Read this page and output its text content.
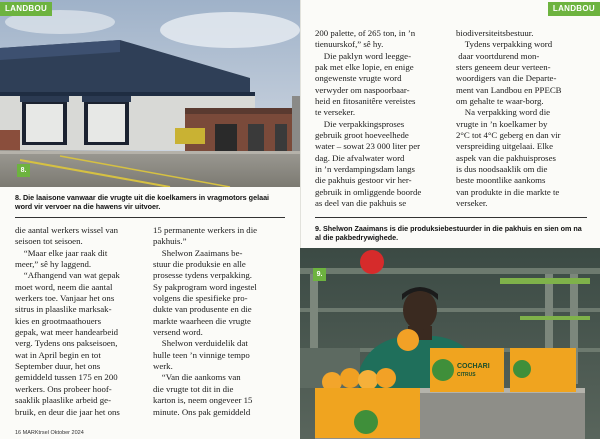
8.
LANDBOU
8. Die laaisone vanwaar die vrugte uit die koelkamers in vragmotors gelaai
word vir vervoer na die hawens vir uitvoer.
die aantal werkers wissel van
seisoen tot seisoen.
“Maar elke jaar raak dit
meer,” sê hy laggend.
“Afhangend van wat gepak
moet word, neem die aantal
werkers toe. Vanjaar het ons
sitrus in plaaslike marksak-
kies en grootmaathouers
gepak, wat meer handearbeid
verg. Tydens ons pakseisoen,
wat in April begin en tot
September duur, het ons
gemiddeld tussen 175 en 200
werkers. Ons probeer hoof-
saaklik plaaslike arbeid ge-
bruik, en deur die jaar het ons
15 permanente werkers in die
pakhuis.”
Shelwon Zaaimans be-
stuur die produksie en alle
prosesse tydens verpakking.
Sy pakprogram word ingestel
volgens die spesifieke pro-
dukte van produsente en die
markte waarheen die vrugte
versend word.
Shelwon verduidelik dat
hulle teen ’n vinnige tempo
werk.
“Van die aankoms van
die vrugte tot dit in die
karton is, neem ongeveer 15
minute. Ons pak gemiddeld
16 MARKtrsel Oktober 2024
LANDBOU
200 palette, of 265 ton, in ’n
tienuurskof,” sê hy.
Die paklyn word leegge-
pak met elke lopie, en enige
ongewenste vrugte word
verwyder om naspoorbaar-
heid en fitosanitêre vereistes
te verseker.
Die verpakkingsproses
gebruik groot hoeveelhede
water – sowat 23 000 liter per
dag. Die afvalwater word
in ’n verdampingsdam langs
die pakhuis gestoor vir her-
gebruik in omliggende boorde
as deel van die pakhuis se
biodiversiteitsbestuur.
Tydens verpakking word
daar voortdurend mon-
sters geneem deur verteen-
woordigers van die Departe-
ment van Landbou en PPECB
om gehalte te waar-borg.
Na verpakking word die
vrugte in ’n koelkamer by
2°C tot 4°C geberg en dan vir
verspreiding uitgelaai. Elke
aspek van die pakhuisproses
is dus noodsaaklik om die
beste moontlike aankoms
van produkte in die markte te
verseker.
9. Shelwon Zaaimans is die produksiebestuurder in die pakhuis en sien om na
al die pakbedrywighede.
9.
COCHARI
CITRUS
